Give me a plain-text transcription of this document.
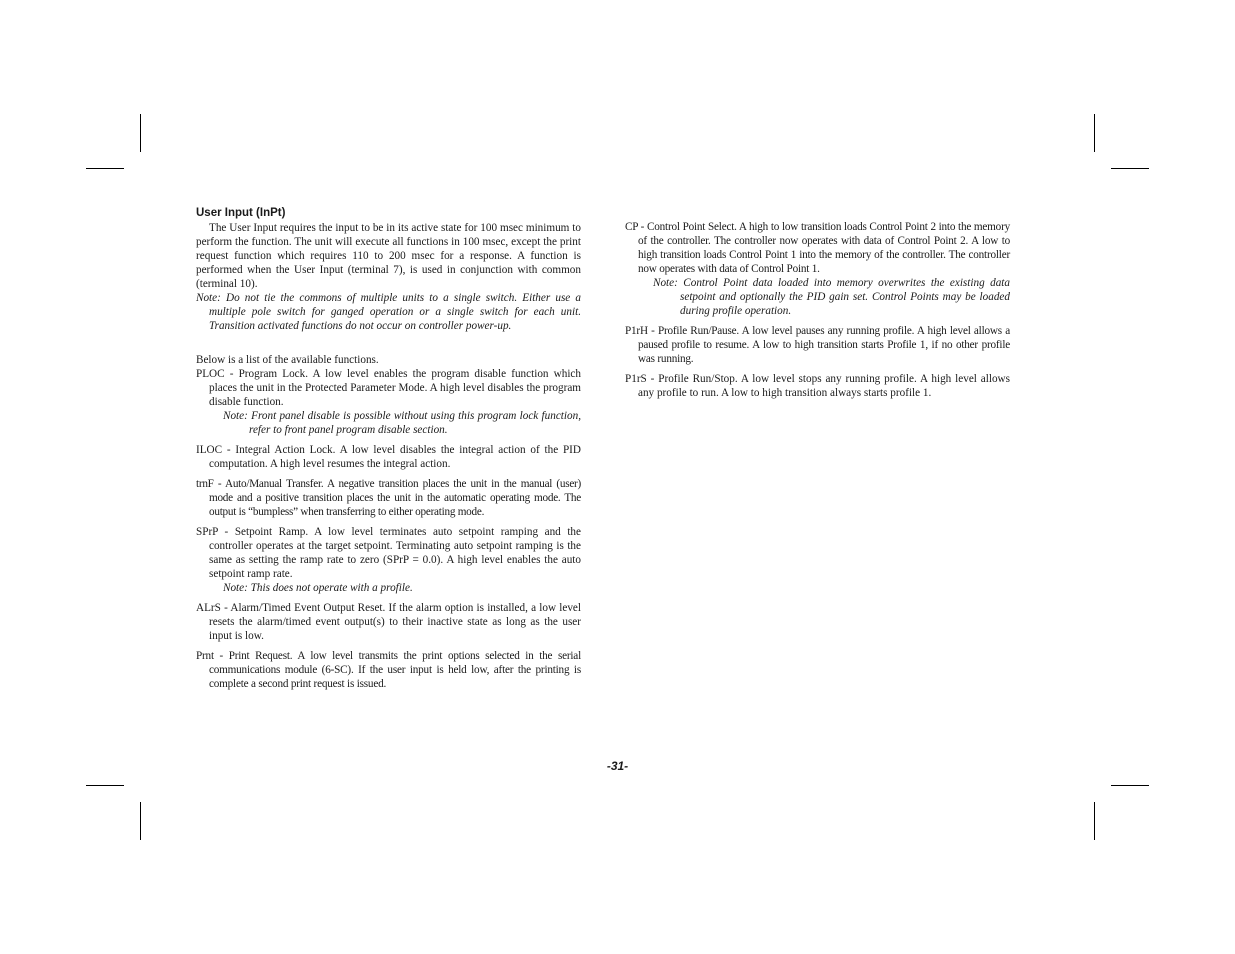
User Input (InPt)

The User Input requires the input to be in its active state for 100 msec minimum to perform the function. The unit will execute all functions in 100 msec, except the print request function which requires 110 to 200 msec for a response. A function is performed when the User Input (terminal 7), is used in conjunction with common (terminal 10).

Note: Do not tie the commons of multiple units to a single switch. Either use a multiple pole switch for ganged operation or a single switch for each unit. Transition activated functions do not occur on controller power-up.

Below is a list of the available functions.

PLOC - Program Lock. A low level enables the program disable function which places the unit in the Protected Parameter Mode. A high level disables the program disable function.

Note: Front panel disable is possible without using this program lock function, refer to front panel program disable section.

ILOC - Integral Action Lock. A low level disables the integral action of the PID computation. A high level resumes the integral action.

trnF - Auto/Manual Transfer. A negative transition places the unit in the manual (user) mode and a positive transition places the unit in the automatic operating mode. The output is “bumpless” when transferring to either operating mode.

SPrP - Setpoint Ramp. A low level terminates auto setpoint ramping and the controller operates at the target setpoint. Terminating auto setpoint ramping is the same as setting the ramp rate to zero (SPrP = 0.0). A high level enables the auto setpoint ramp rate.

Note: This does not operate with a profile.

ALrS - Alarm/Timed Event Output Reset. If the alarm option is installed, a low level resets the alarm/timed event output(s) to their inactive state as long as the user input is low.

Prnt - Print Request. A low level transmits the print options selected in the serial communications module (6-SC). If the user input is held low, after the printing is complete a second print request is issued.

CP - Control Point Select. A high to low transition loads Control Point 2 into the memory of the controller. The controller now operates with data of Control Point 2. A low to high transition loads Control Point 1 into the memory of the controller. The controller now operates with data of Control Point 1.

Note: Control Point data loaded into memory overwrites the existing data setpoint and optionally the PID gain set. Control Points may be loaded during profile operation.

P1rH - Profile Run/Pause. A low level pauses any running profile. A high level allows a paused profile to resume. A low to high transition starts Profile 1, if no other profile was running.

P1rS - Profile Run/Stop. A low level stops any running profile. A high level allows any profile to run. A low to high transition always starts profile 1.

-31-
